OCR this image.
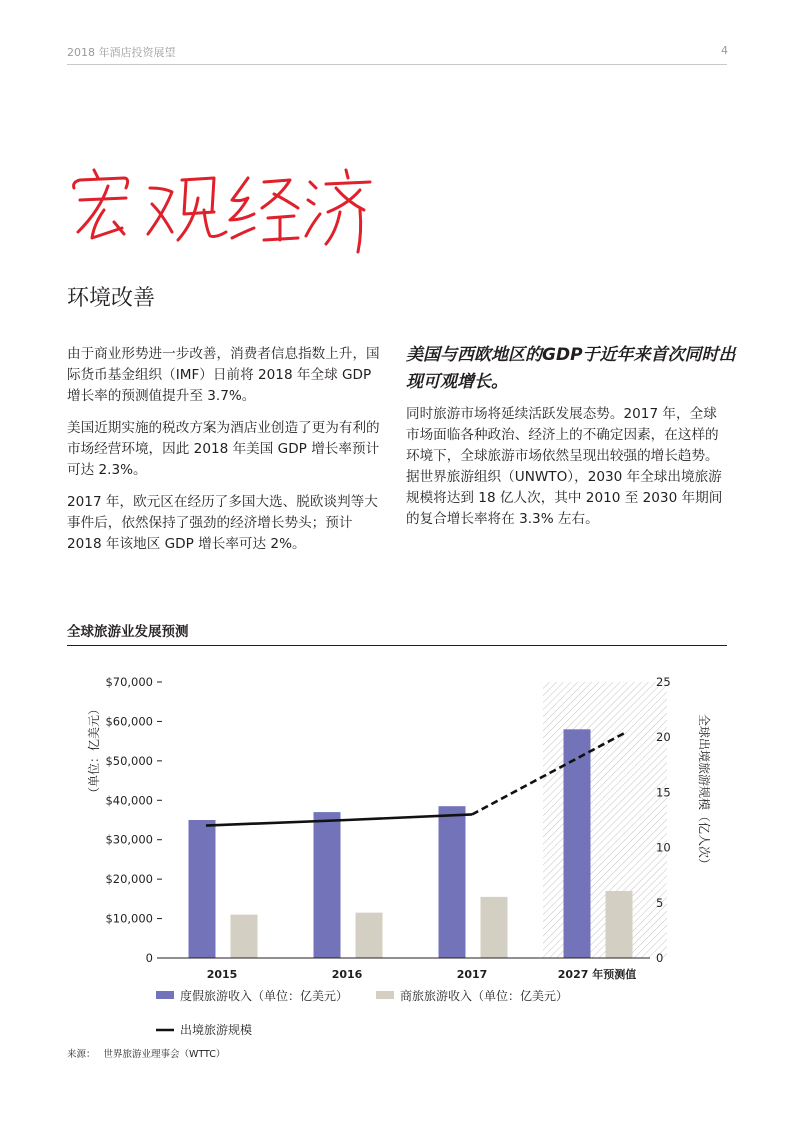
2018 年酒店投资展望	4
环境改善

由于商业形势进一步改善，消费者信息指数上升，国际货币基金组织（IMF）日前将 2018 年全球 GDP 增长率的预测值提升至 3.7%。

美国近期实施的税改方案为酒店业创造了更为有利的市场经营环境，因此 2018 年美国 GDP 增长率预计可达 2.3%。

2017 年，欧元区在经历了多国大选、脱欧谈判等大事件后，依然保持了强劲的经济增长势头；预计 2018 年该地区 GDP 增长率可达 2%。

美国与西欧地区的GDP于近年来首次同时出现可观增长。

同时旅游市场将延续活跃发展态势。2017 年，全球市场面临各种政治、经济上的不确定因素，在这样的环境下，全球旅游市场依然呈现出较强的增长趋势。据世界旅游组织（UNWTO），2030 年全球出境旅游规模将达到 18 亿人次，其中 2010 至 2030 年期间的复合增长率将在 3.3% 左右。

全球旅游业发展预测
0
$10,000
$20,000
$30,000
$40,000
$50,000
$60,000
$70,000
0
5
10
15
20
25
2015	2016	2017	2027 年预测值
（单位：亿美元）	全球出境旅游规模（亿人次）
度假旅游收入（单位：亿美元）	商旅旅游收入（单位：亿美元）
出境旅游规模
来源： 世界旅游业理事会（WTTC）
